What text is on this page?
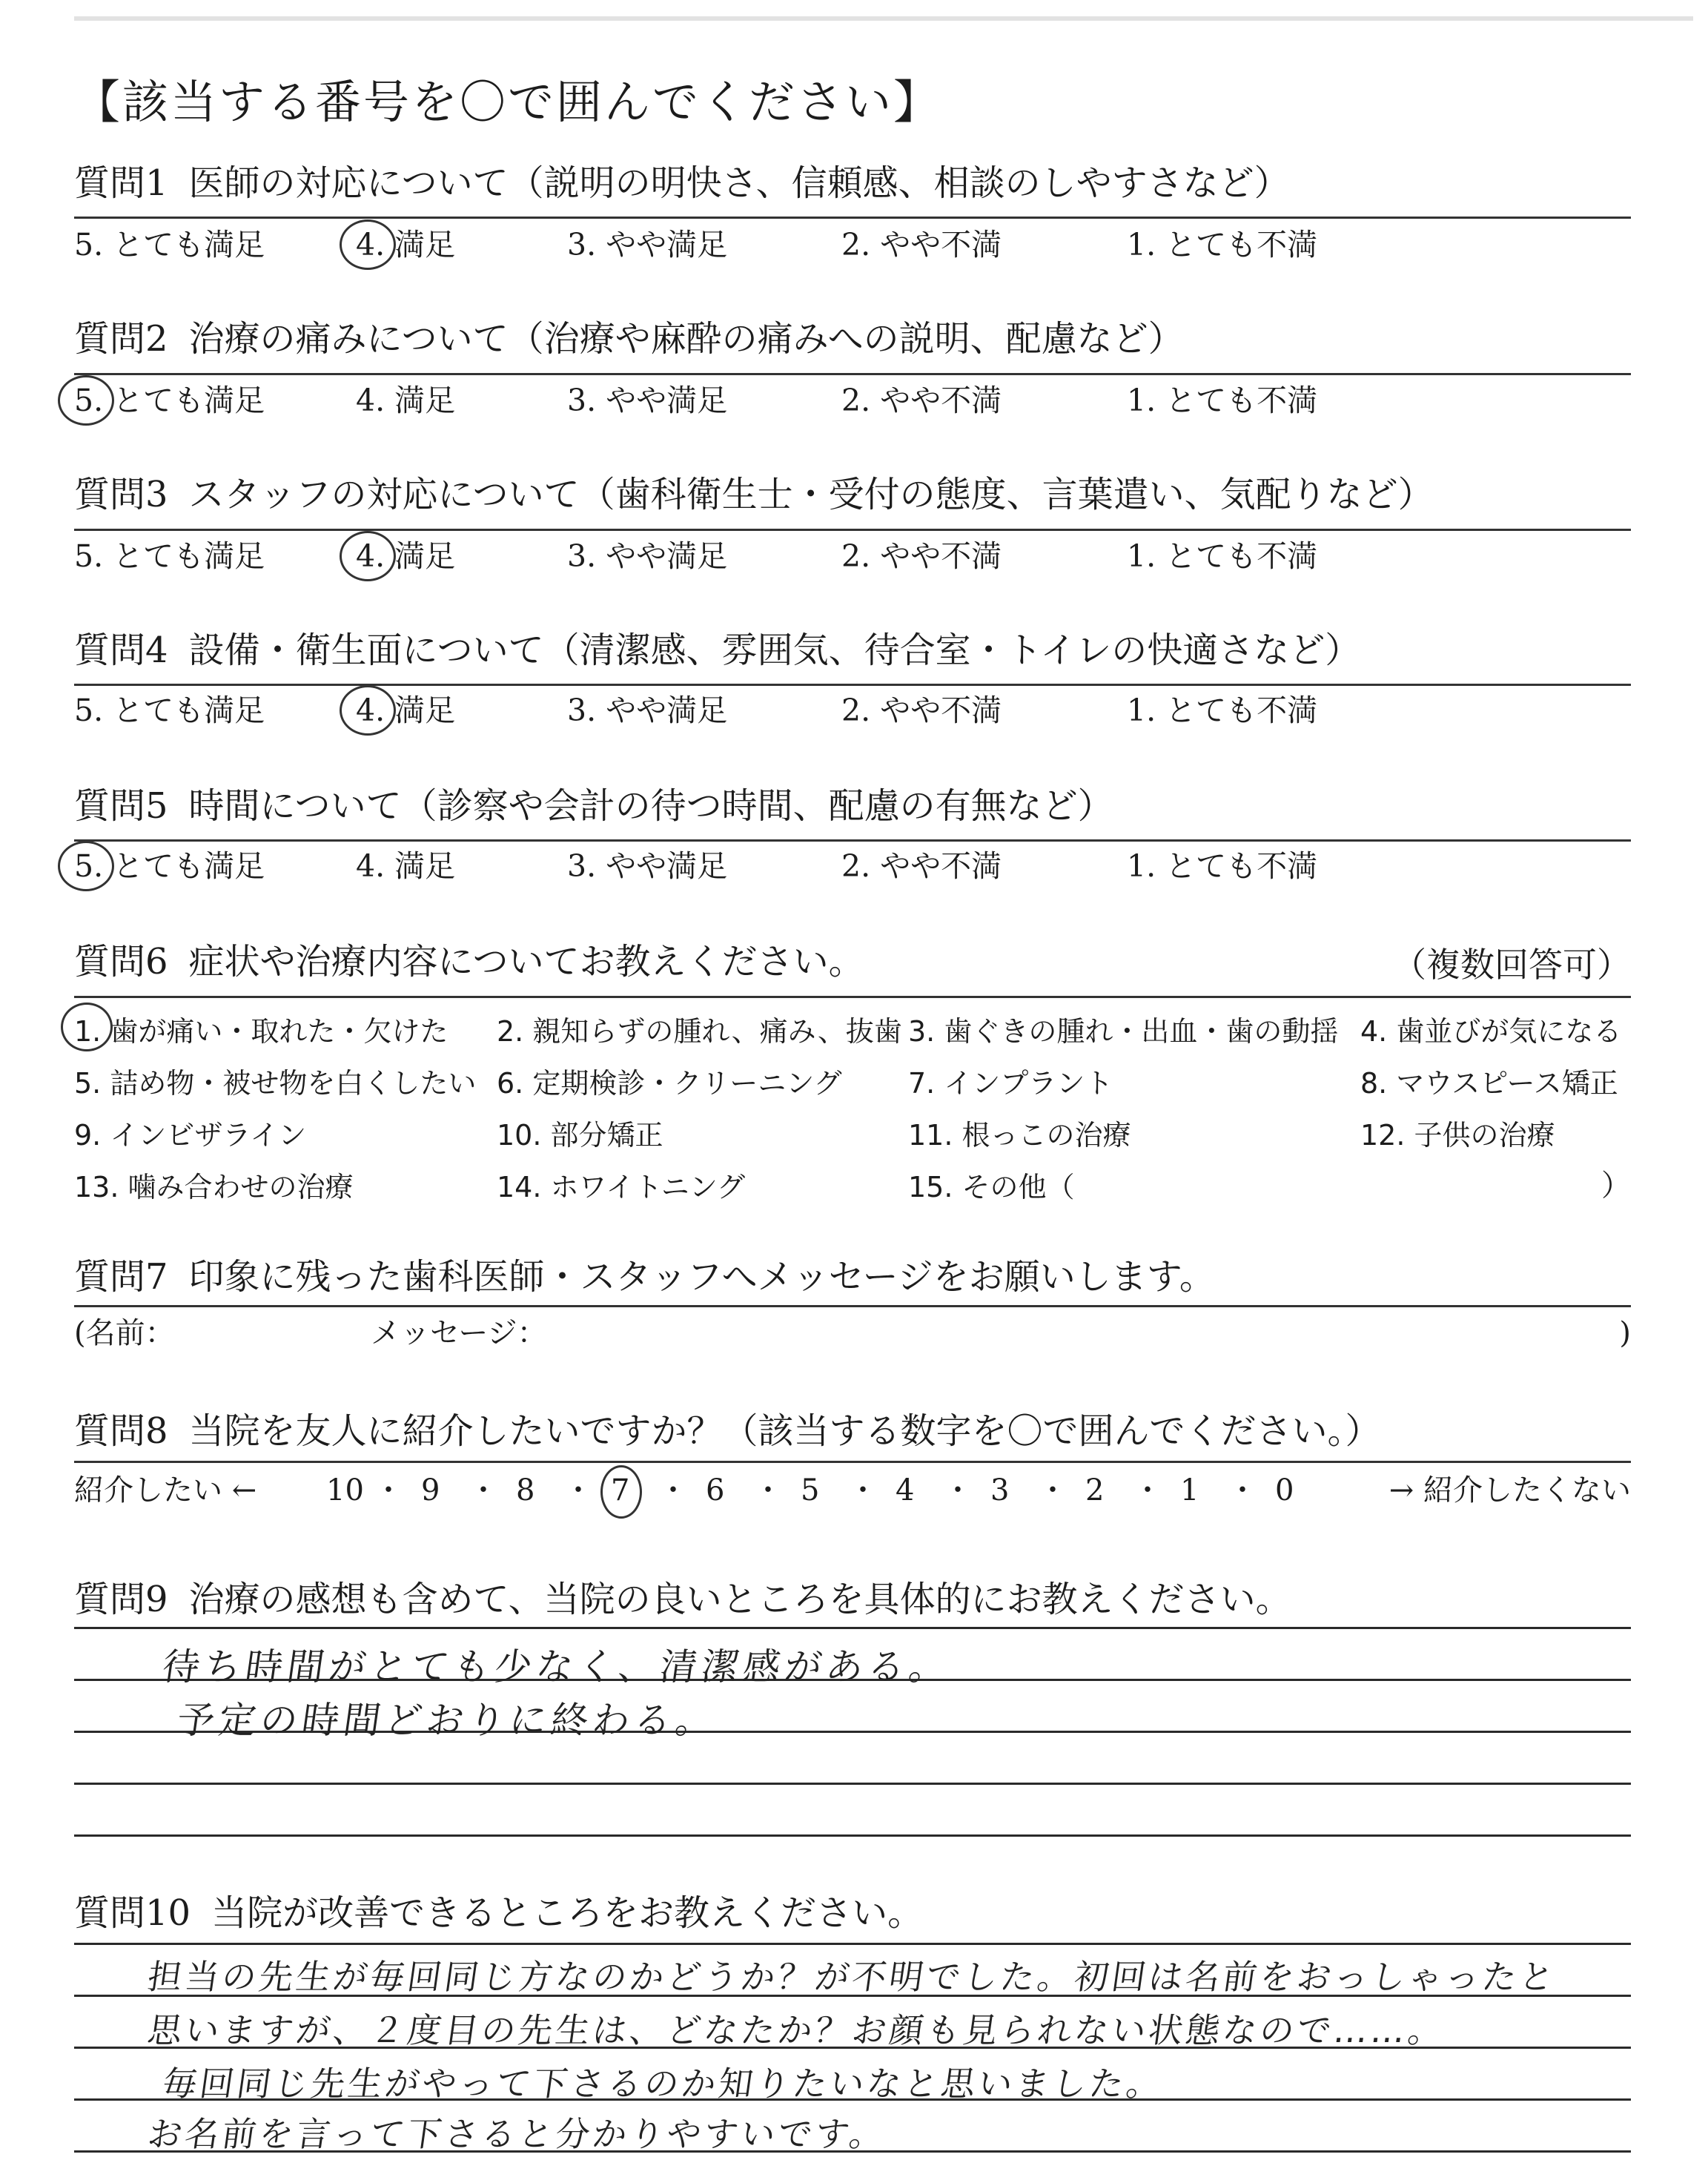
【該当する番号を〇で囲んでください】
質問1 医師の対応について（説明の明快さ、信頼感、相談のしやすさなど）
5. とても満足	4. 満足	3. やや満足	2. やや不満	1. とても不満
質問2 治療の痛みについて（治療や麻酔の痛みへの説明、配慮など）
5. とても満足	4. 満足	3. やや満足	2. やや不満	1. とても不満
質問3 スタッフの対応について（歯科衛生士・受付の態度、言葉遣い、気配りなど）
5. とても満足	4. 満足	3. やや満足	2. やや不満	1. とても不満
質問4 設備・衛生面について（清潔感、雰囲気、待合室・トイレの快適さなど）
5. とても満足	4. 満足	3. やや満足	2. やや不満	1. とても不満
質問5 時間について（診察や会計の待つ時間、配慮の有無など）
5. とても満足	4. 満足	3. やや満足	2. やや不満	1. とても不満
質問6 症状や治療内容についてお教えください。	（複数回答可）
1. 歯が痛い・取れた・欠けた 2. 親知らずの腫れ、痛み、抜歯 3. 歯ぐきの腫れ・出血・歯の動揺 4. 歯並びが気になる
5. 詰め物・被せ物を白くしたい 6. 定期検診・クリーニング 7. インプラント	8. マウスピース矯正
9. インビザライン	10. 部分矯正	11. 根っこの治療	12. 子供の治療
13. 噛み合わせの治療	14. ホワイトニング	15. その他（	）
質問7 印象に残った歯科医師・スタッフへメッセージをお願いします。
(名前：	メッセージ：	)
質問8 当院を友人に紹介したいですか？（該当する数字を〇で囲んでください。）
紹介したい ← 10 ・ 9 ・ 8 ・ 7 ・ 6 ・ 5 ・ 4 ・ 3 ・ 2 ・ 1 ・ 0	→ 紹介したくない
質問9 治療の感想も含めて、当院の良いところを具体的にお教えください。
待ち時間がとても少なく、清潔感がある。
予定の時間どおりに終わる。
質問10 当院が改善できるところをお教えください。
担当の先生が毎回同じ方なのかどうか？が不明でした。初回は名前をおっしゃったと
思いますが、２度目の先生は、どなたか？お顔も見られない状態なので……。
毎回同じ先生がやって下さるのか知りたいなと思いました。
お名前を言って下さると分かりやすいです。
